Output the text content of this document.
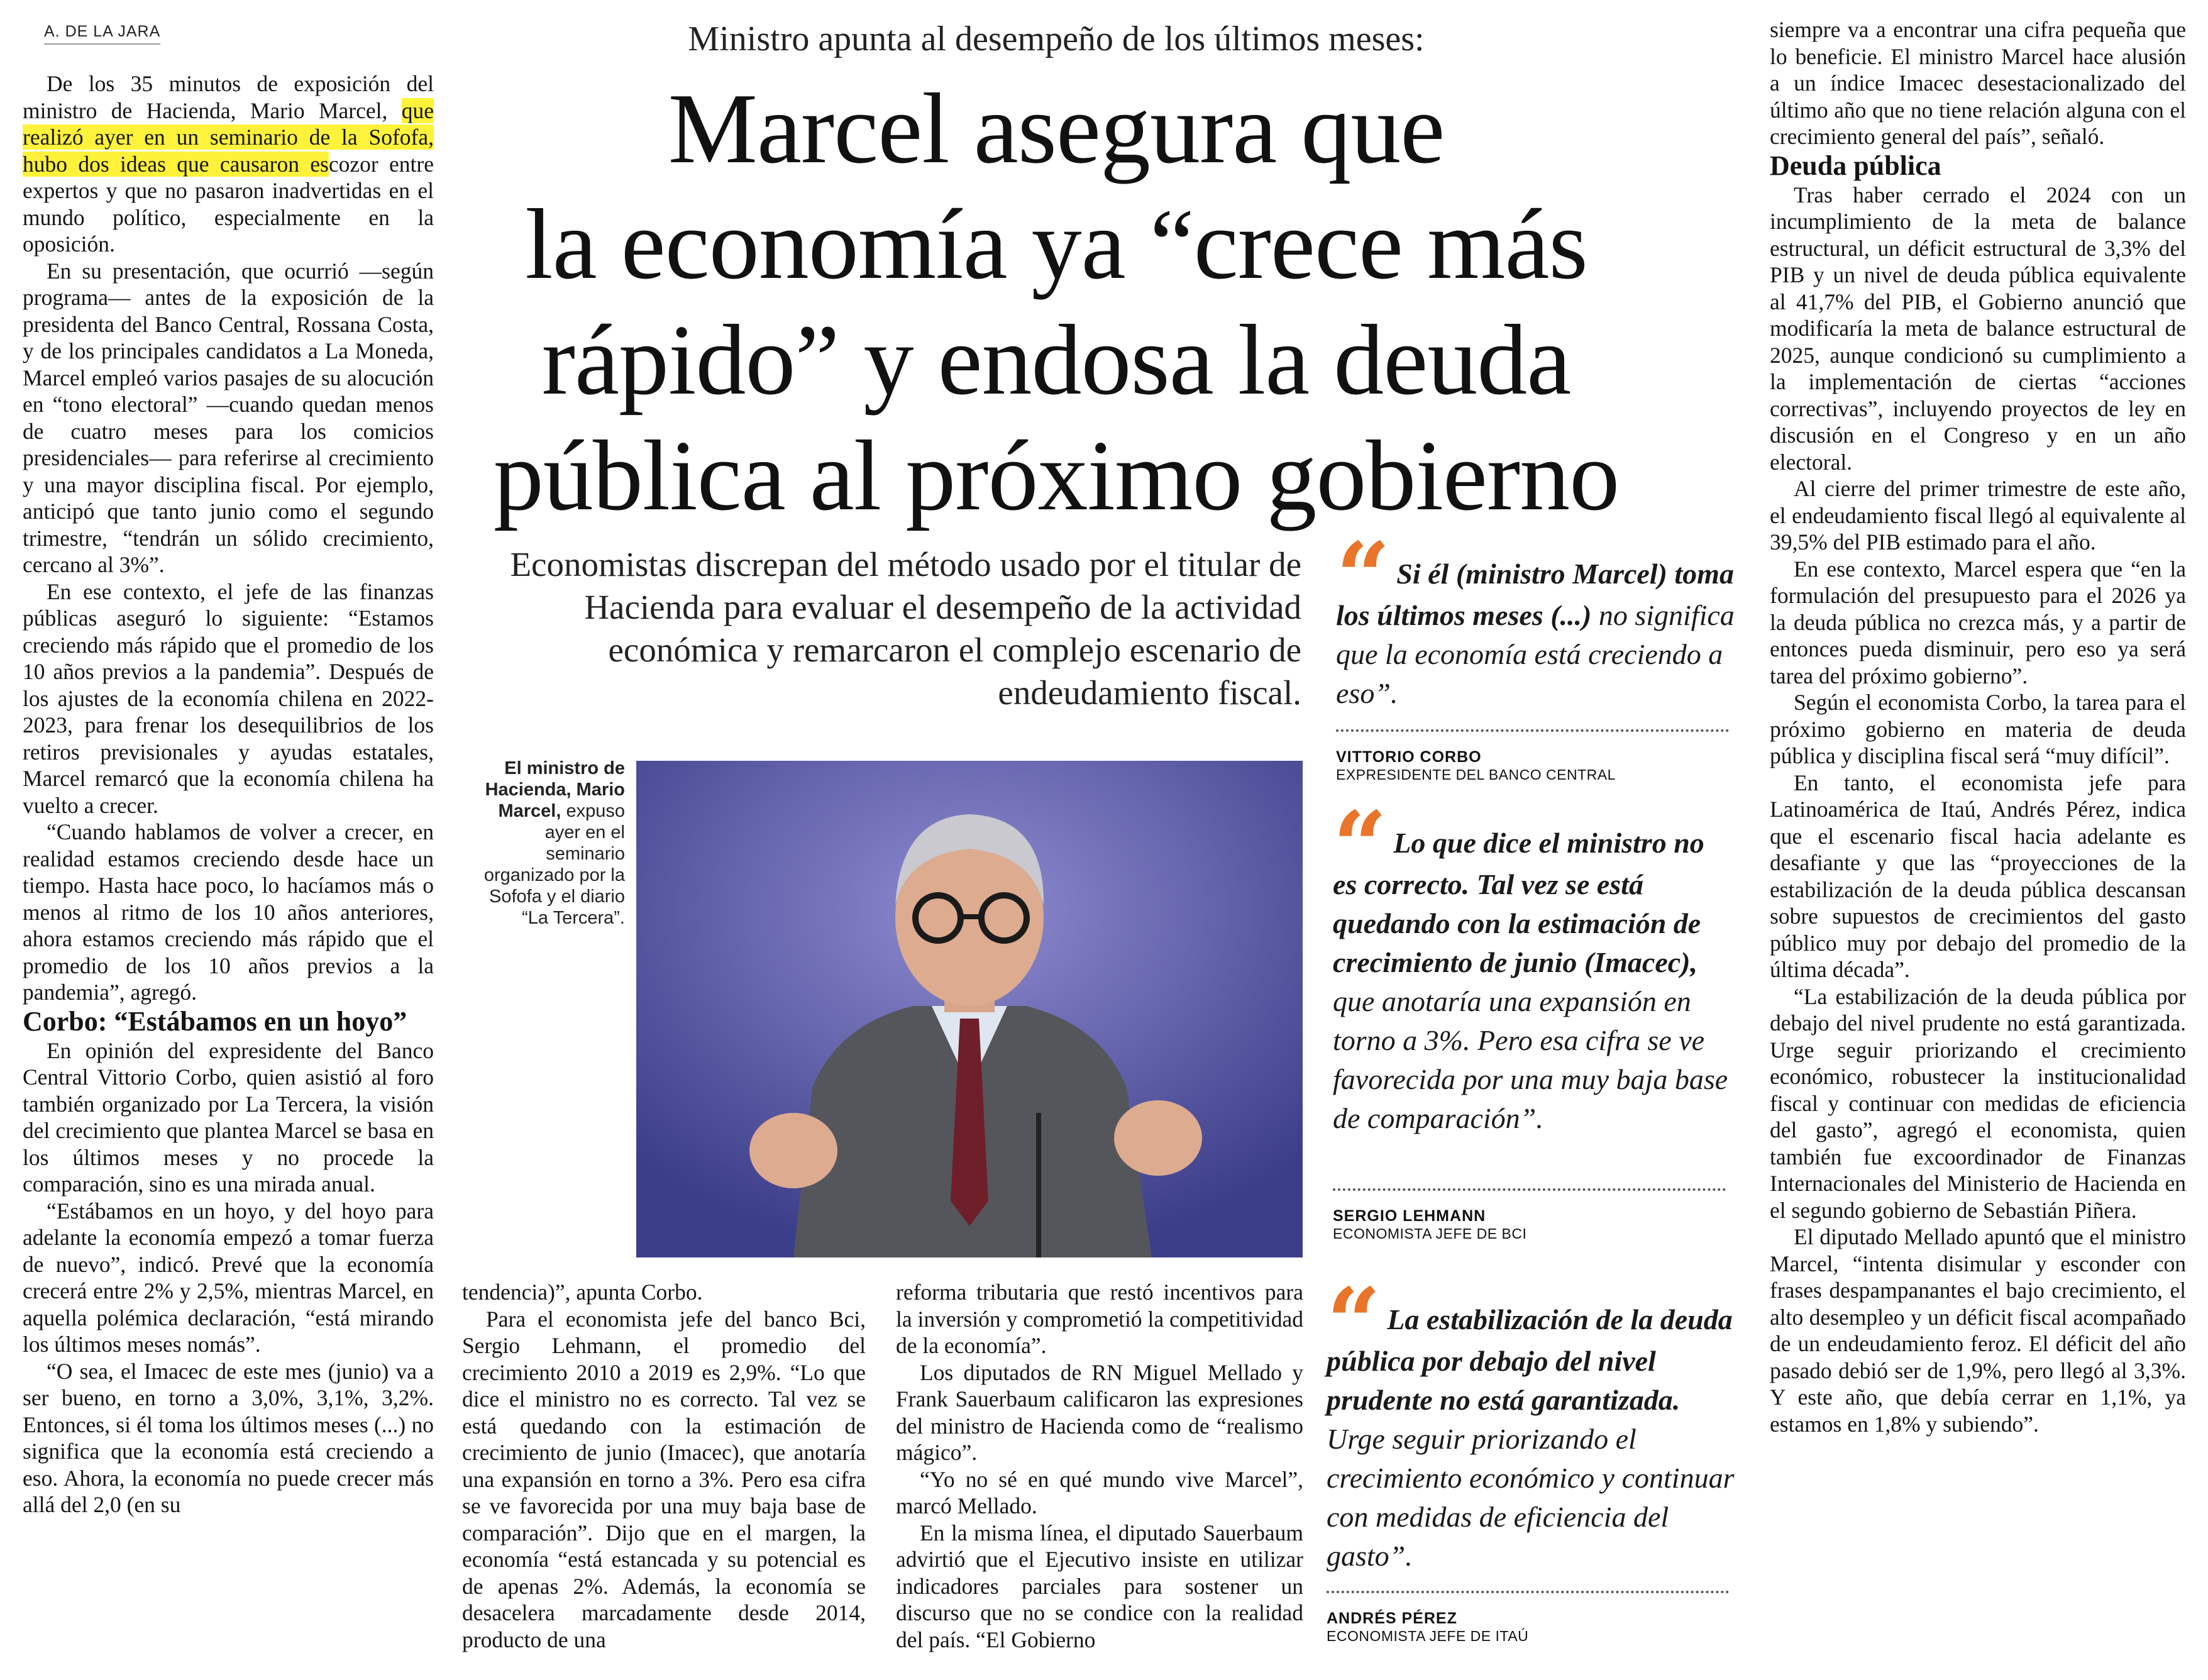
A. DE LA JARA

De los 35 minutos de exposición del ministro de Hacienda, Mario Marcel, que realizó ayer en un seminario de la Sofofa, hubo dos ideas que causaron escozor entre expertos y que no pasaron inadvertidas en el mundo político, especialmente en la oposición.

En su presentación, que ocurrió —según programa— antes de la exposición de la presidenta del Banco Central, Rossana Costa, y de los principales candidatos a La Moneda, Marcel empleó varios pasajes de su alocución en “tono electoral” —cuando quedan menos de cuatro meses para los comicios presidenciales— para referirse al crecimiento y una mayor disciplina fiscal. Por ejemplo, anticipó que tanto junio como el segundo trimestre, “tendrán un sólido crecimiento, cercano al 3%”.

En ese contexto, el jefe de las finanzas públicas aseguró lo siguiente: “Estamos creciendo más rápido que el promedio de los 10 años previos a la pandemia”. Después de los ajustes de la economía chilena en 2022-2023, para frenar los desequilibrios de los retiros previsionales y ayudas estatales, Marcel remarcó que la economía chilena ha vuelto a crecer.

“Cuando hablamos de volver a crecer, en realidad estamos creciendo desde hace un tiempo. Hasta hace poco, lo hacíamos más o menos al ritmo de los 10 años anteriores, ahora estamos creciendo más rápido que el promedio de los 10 años previos a la pandemia”, agregó.

Corbo: “Estábamos en un hoyo”

En opinión del expresidente del Banco Central Vittorio Corbo, quien asistió al foro también organizado por La Tercera, la visión del crecimiento que plantea Marcel se basa en los últimos meses y no procede la comparación, sino es una mirada anual.

“Estábamos en un hoyo, y del hoyo para adelante la economía empezó a tomar fuerza de nuevo”, indicó. Prevé que la economía crecerá entre 2% y 2,5%, mientras Marcel, en aquella polémica declaración, “está mirando los últimos meses nomás”.

“O sea, el Imacec de este mes (junio) va a ser bueno, en torno a 3,0%, 3,1%, 3,2%. Entonces, si él toma los últimos meses (...) no significa que la economía está creciendo a eso. Ahora, la economía no puede crecer más allá del 2,0 (en su

Ministro apunta al desempeño de los últimos meses:
Marcel asegura que
la economía ya “crece más
rápido” y endosa la deuda
pública al próximo gobierno
Economistas discrepan del método usado por el titular de Hacienda para evaluar el desempeño de la actividad económica y remarcaron el complejo escenario de endeudamiento fiscal.
El ministro de Hacienda, Mario Marcel, expuso ayer en el seminario organizado por la Sofofa y el diario “La Tercera”.

tendencia)”, apunta Corbo.

Para el economista jefe del banco Bci, Sergio Lehmann, el promedio del crecimiento 2010 a 2019 es 2,9%. “Lo que dice el ministro no es correcto. Tal vez se está quedando con la estimación de crecimiento de junio (Imacec), que anotaría una expansión en torno a 3%. Pero esa cifra se ve favorecida por una muy baja base de comparación”. Dijo que en el margen, la economía “está estancada y su potencial es de apenas 2%. Además, la economía se desacelera marcadamente desde 2014, producto de una

reforma tributaria que restó incentivos para la inversión y comprometió la competitividad de la economía”.

Los diputados de RN Miguel Mellado y Frank Sauerbaum calificaron las expresiones del ministro de Hacienda como de “realismo mágico”.

“Yo no sé en qué mundo vive Marcel”, marcó Mellado.

En la misma línea, el diputado Sauerbaum advirtió que el Ejecutivo insiste en utilizar indicadores parciales para sostener un discurso que no se condice con la realidad del país. “El Gobierno

“ Si él (ministro Marcel) toma los últimos meses (...) no significa que la economía está creciendo a eso”.
VITTORIO CORBO
EXPRESIDENTE DEL BANCO CENTRAL
“ Lo que dice el ministro no es correcto. Tal vez se está quedando con la estimación de crecimiento de junio (Imacec), que anotaría una expansión en torno a 3%. Pero esa cifra se ve favorecida por una muy baja base de comparación”.
SERGIO LEHMANN
ECONOMISTA JEFE DE BCI
“ La estabilización de la deuda pública por debajo del nivel prudente no está garantizada. Urge seguir priorizando el crecimiento económico y continuar con medidas de eficiencia del gasto”.
ANDRÉS PÉREZ
ECONOMISTA JEFE DE ITAÚ

siempre va a encontrar una cifra pequeña que lo beneficie. El ministro Marcel hace alusión a un índice Imacec desestacionalizado del último año que no tiene relación alguna con el crecimiento general del país”, señaló.

Deuda pública

Tras haber cerrado el 2024 con un incumplimiento de la meta de balance estructural, un déficit estructural de 3,3% del PIB y un nivel de deuda pública equivalente al 41,7% del PIB, el Gobierno anunció que modificaría la meta de balance estructural de 2025, aunque condicionó su cumplimiento a la implementación de ciertas “acciones correctivas”, incluyendo proyectos de ley en discusión en el Congreso y en un año electoral.

Al cierre del primer trimestre de este año, el endeudamiento fiscal llegó al equivalente al 39,5% del PIB estimado para el año.

En ese contexto, Marcel espera que “en la formulación del presupuesto para el 2026 ya la deuda pública no crezca más, y a partir de entonces pueda disminuir, pero eso ya será tarea del próximo gobierno”.

Según el economista Corbo, la tarea para el próximo gobierno en materia de deuda pública y disciplina fiscal será “muy difícil”.

En tanto, el economista jefe para Latinoamérica de Itaú, Andrés Pérez, indica que el escenario fiscal hacia adelante es desafiante y que las “proyecciones de la estabilización de la deuda pública descansan sobre supuestos de crecimientos del gasto público muy por debajo del promedio de la última década”.

“La estabilización de la deuda pública por debajo del nivel prudente no está garantizada. Urge seguir priorizando el crecimiento económico, robustecer la institucionalidad fiscal y continuar con medidas de eficiencia del gasto”, agregó el economista, quien también fue excoordinador de Finanzas Internacionales del Ministerio de Hacienda en el segundo gobierno de Sebastián Piñera.

El diputado Mellado apuntó que el ministro Marcel, “intenta disimular y esconder con frases despampanantes el bajo crecimiento, el alto desempleo y un déficit fiscal acompañado de un endeudamiento feroz. El déficit del año pasado debió ser de 1,9%, pero llegó al 3,3%. Y este año, que debía cerrar en 1,1%, ya estamos en 1,8% y subiendo”.
